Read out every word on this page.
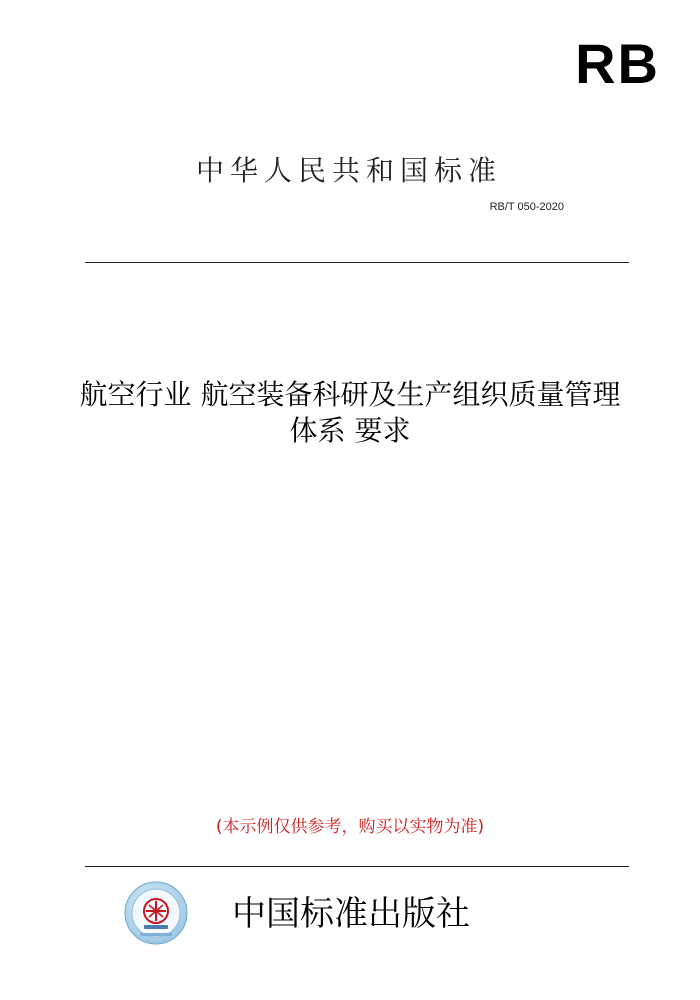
RB
中华人民共和国标准
RB/T 050-2020
航空行业 航空装备科研及生产组织质量管理
体系 要求
(本示例仅供参考，购买以实物为准)
中国标准出版社
